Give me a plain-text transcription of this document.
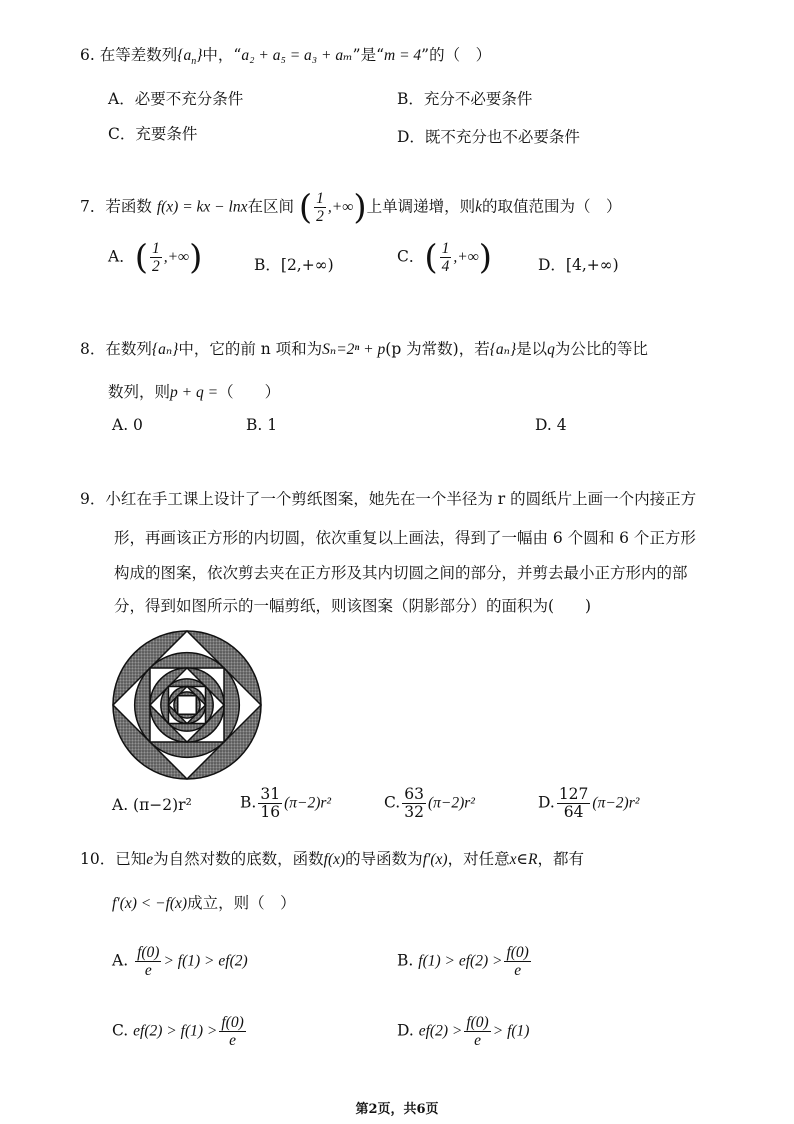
6. 在等差数列$\{a_n\}$中，“a₂ + a₅ = a₃ + aₘ”是“m = 4”的（　）
A．必要不充分条件	B．充分不必要条件
C．充要条件	D．既不充分也不必要条件
7．若函数 f(x) = kx − lnx在区间 ( $\frac{1}{2}$ ,+∞)上单调递增，则k的取值范围为（　）
A．( $\frac{1}{2}$ ,+∞)	B．[2,+∞)	C．( $\frac{1}{4}$ ,+∞)	D．[4,+∞)
8．在数列{aₙ}中，它的前 n 项和为Sₙ=2ⁿ + p(p 为常数)，若{aₙ}是以q为公比的等比
数列，则p + q =（　　）
A. 0	B. 1	D. 4
9．小红在手工课上设计了一个剪纸图案，她先在一个半径为 r 的圆纸片上画一个内接正方
形，再画该正方形的内切圆，依次重复以上画法，得到了一幅由 6 个圆和 6 个正方形
构成的图案，依次剪去夹在正方形及其内切圆之间的部分，并剪去最小正方形内的部
分，得到如图所示的一幅剪纸，则该图案（阴影部分）的面积为(　　)
A. (π−2)r²	B. $\frac{31}{16} (\pi-2)r^2$	C. $\frac{63}{32} (\pi-2)r^2$	D. $\frac{127}{64} (\pi-2)r^2$
10．已知e为自然对数的底数，函数f(x)的导函数为f′(x)，对任意x∈R，都有
f′(x) < −f(x)成立，则（　）
A. $\frac{f(0)}{e} > f(1) > ef(2)$	B. $f(1) > ef(2) > \frac{f(0)}{e}$
C. $ef(2) > f(1) > \frac{f(0)}{e}$	D. $ef(2) > \frac{f(0)}{e} > f(1)$
第2页，共6页
